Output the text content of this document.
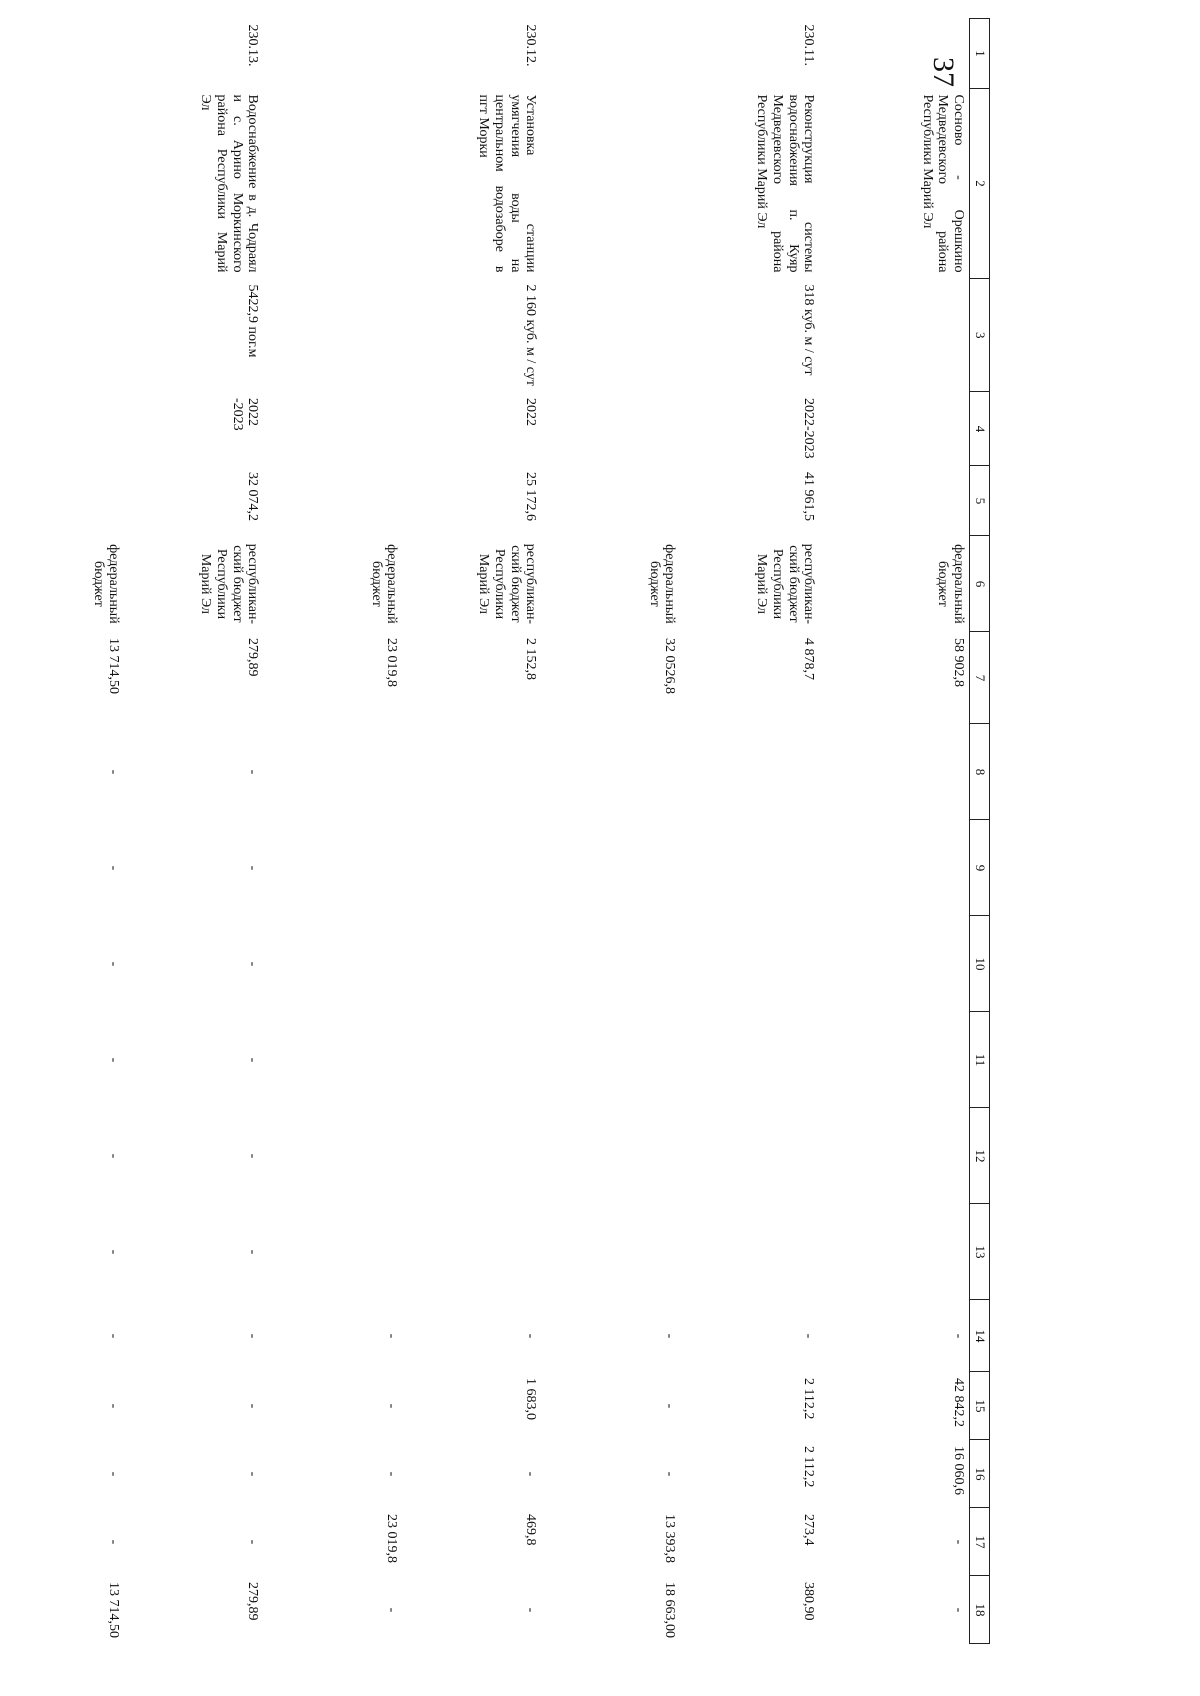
37
1	2	3	4	5	6	7	8	9	10	11	12	13	14	15	16	17	18
	Сосново - Орешкино Медведевского района Республики Марий Эл				федеральный бюджет	58 902,8							-	42 842,2	16 060,6	-	-
230.11.	Реконструкция системы водоснабжения п. Куяр Медведевского района Республики Марий Эл	318 куб. м / сут	2022-2023	41 961,5	республикан-ский бюджет Республики Марий Эл	4 878,7							-	2 112,2	2 112,2	273,4	380,90
					федеральный бюджет	32 0526,8							-	-	-	13 393,8	18 663,00
230.12.	Установка станции умягчения воды на центральном водозаборе в пгт Морки	2 160 куб. м / сут	2022	25 172,6	республикан-ский бюджет Республики Марий Эл	2 152,8							-	1 683,0	-	469,8	-
					федеральный бюджет	23 019,8							-	-	-	23 019,8	-
230.13.	Водоснабжение в д. Чодраял и с. Арино Моркинского района Республики Марий Эл	5422,9 пог.м	2022 -2023	32 074,2	республикан-ский бюджет Республики Марий Эл	279,89	-	-	-	-	-	-	-	-	-	-	279,89
					федеральный бюджет	13 714,50	-	-	-	-	-	-	-	-	-	-	13 714,50
